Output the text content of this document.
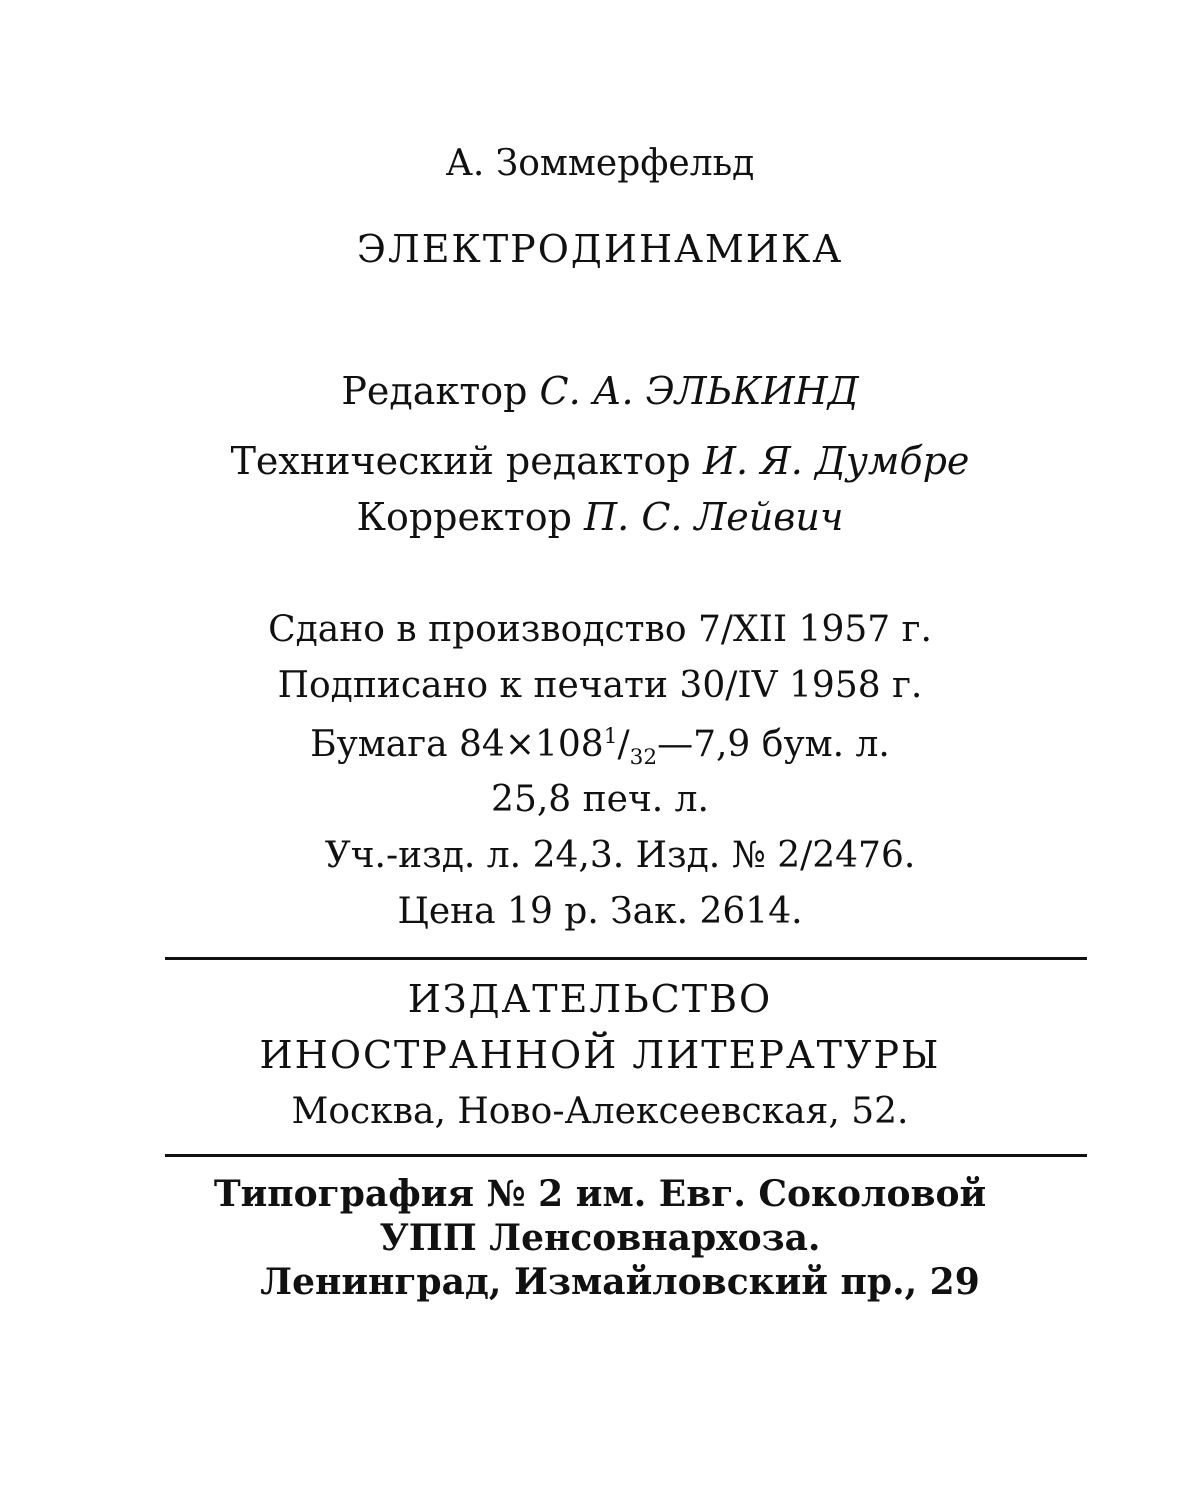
А. Зоммерфельд
ЭЛЕКТРОДИНАМИКА
Редактор С. А. ЭЛЬКИНД
Технический редактор И. Я. Думбре
Корректор П. С. Лейвич
Сдано в производство 7/XII 1957 г.
Подписано к печати 30/IV 1958 г.
Бумага $84\times 108^1/_{32}—7,9$ бум. л.
25,8 печ. л.
Уч.-изд. л. 24,3. Изд. № 2/2476.
Цена 19 р. Зак. 2614.
ИЗДАТЕЛЬСТВО
ИНОСТРАННОЙ ЛИТЕРАТУРЫ
Москва, Ново-Алексеевская, 52.
Типография № 2 им. Евг. Соколовой
УПП Ленсовнархоза.
Ленинград, Измайловский пр., 29
